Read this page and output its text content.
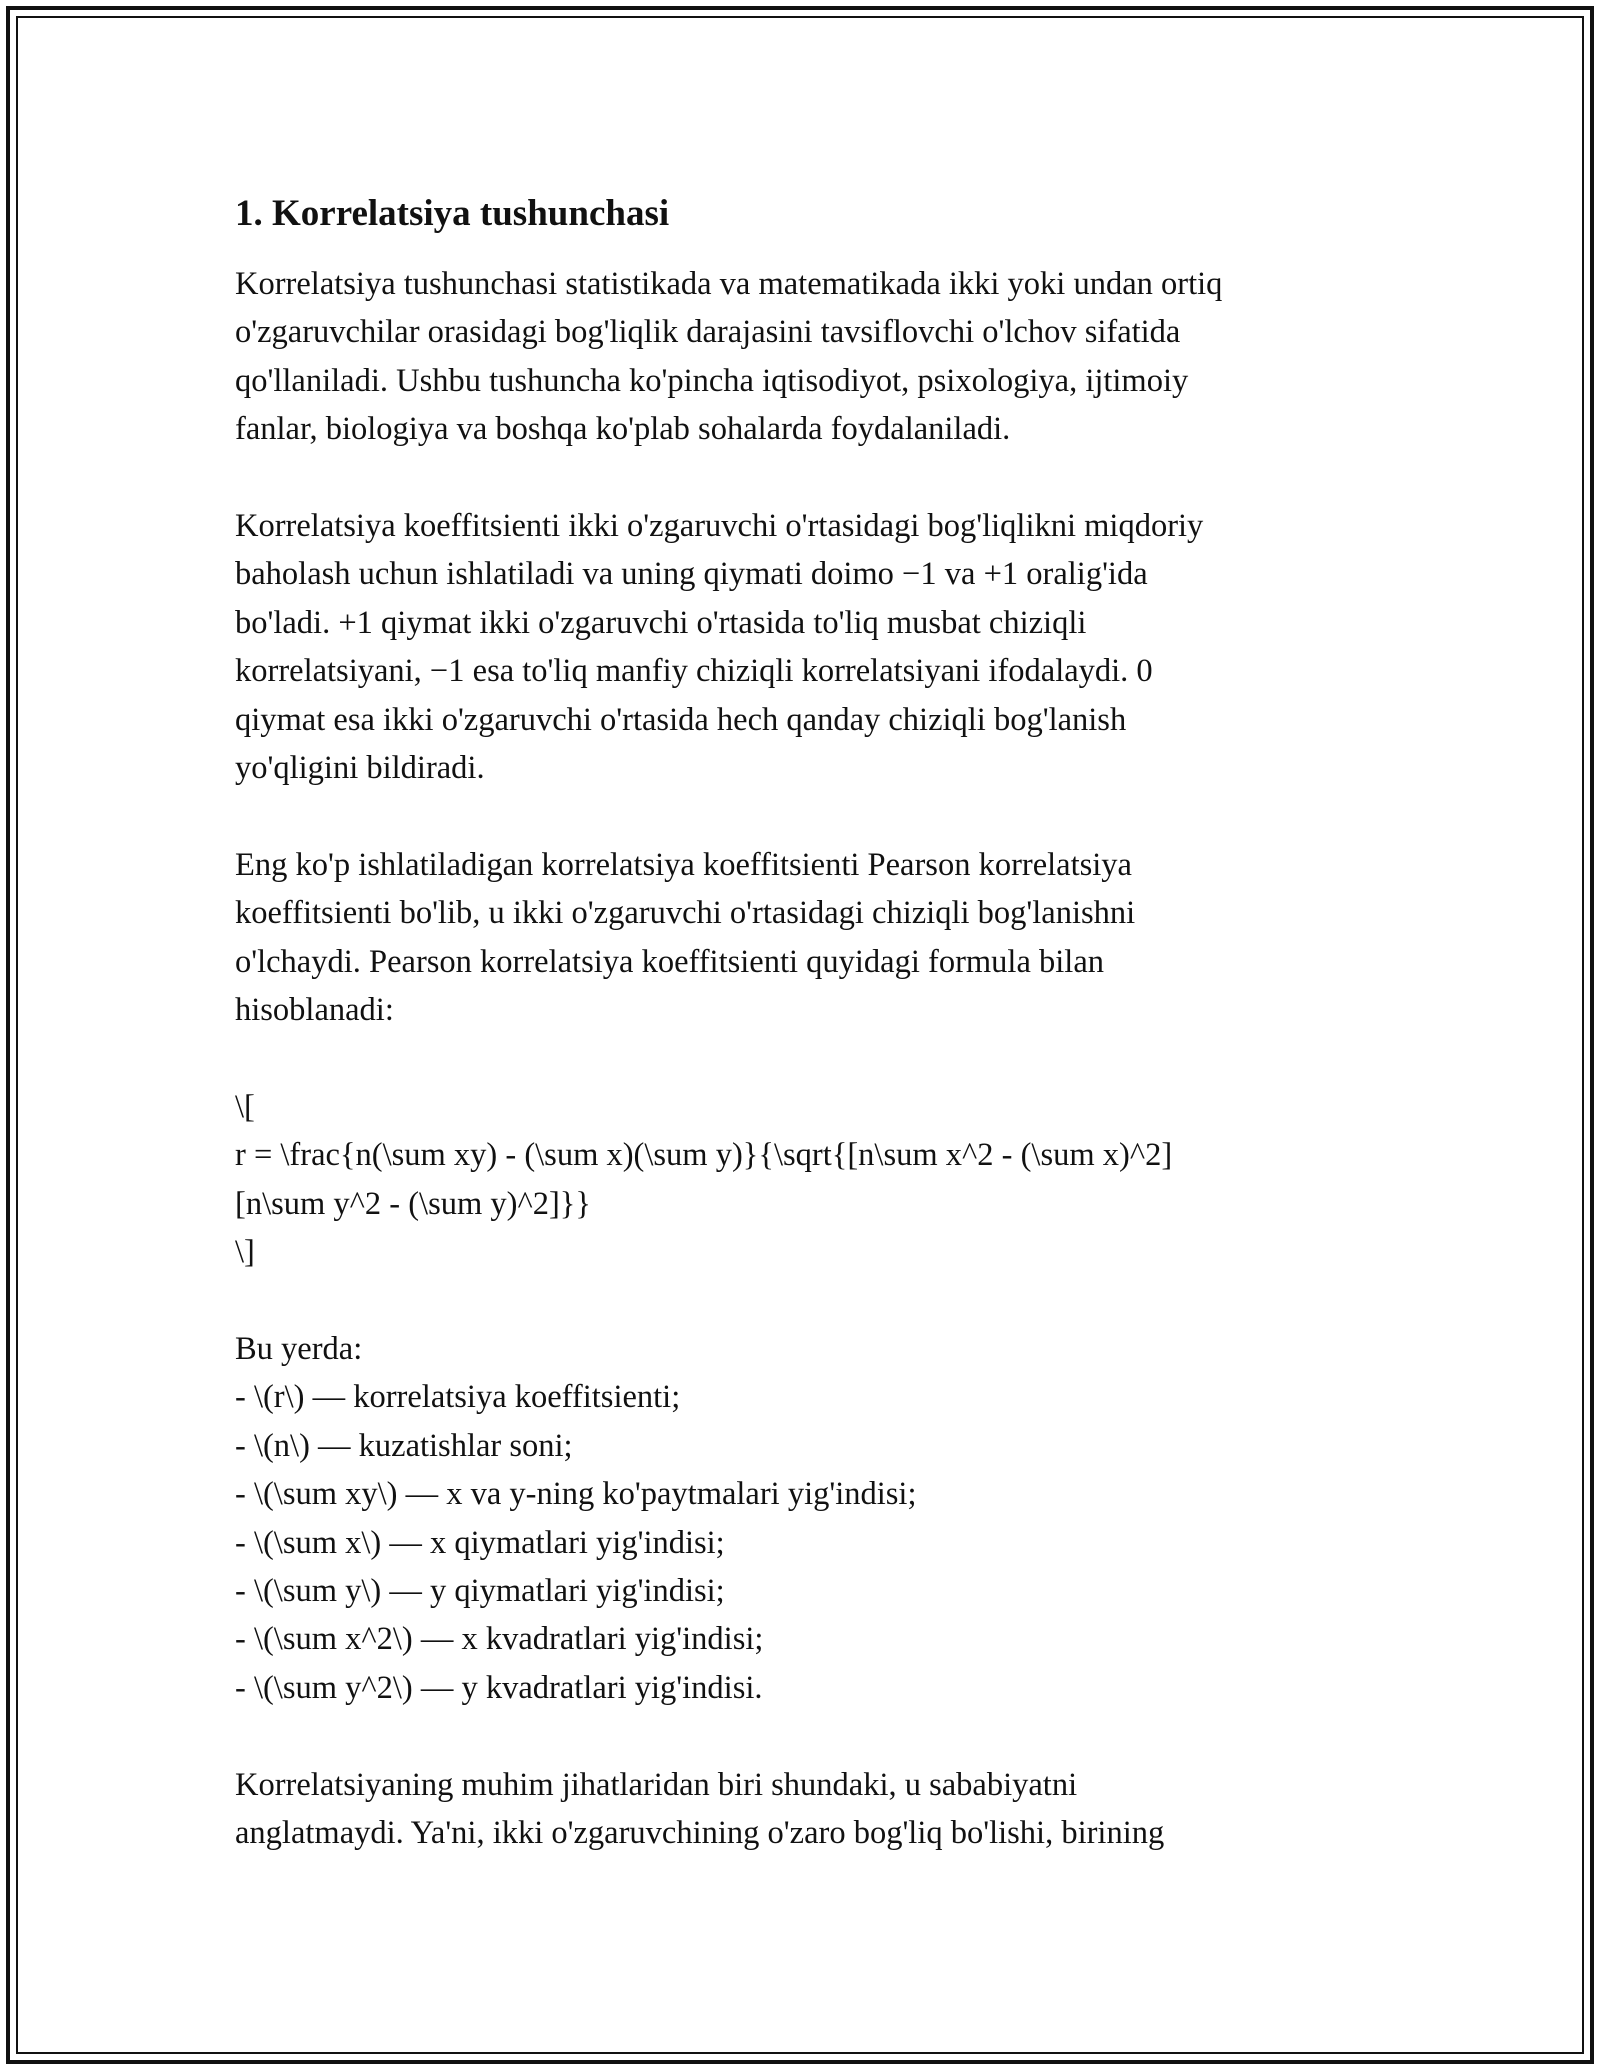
1. Korrelatsiya tushunchasi

Korrelatsiya tushunchasi statistikada va matematikada ikki yoki undan ortiq
o'zgaruvchilar orasidagi bog'liqlik darajasini tavsiflovchi o'lchov sifatida
qo'llaniladi. Ushbu tushuncha ko'pincha iqtisodiyot, psixologiya, ijtimoiy
fanlar, biologiya va boshqa ko'plab sohalarda foydalaniladi.

Korrelatsiya koeffitsienti ikki o'zgaruvchi o'rtasidagi bog'liqlikni miqdoriy
baholash uchun ishlatiladi va uning qiymati doimo −1 va +1 oralig'ida
bo'ladi. +1 qiymat ikki o'zgaruvchi o'rtasida to'liq musbat chiziqli
korrelatsiyani, −1 esa to'liq manfiy chiziqli korrelatsiyani ifodalaydi. 0
qiymat esa ikki o'zgaruvchi o'rtasida hech qanday chiziqli bog'lanish
yo'qligini bildiradi.

Eng ko'p ishlatiladigan korrelatsiya koeffitsienti Pearson korrelatsiya
koeffitsienti bo'lib, u ikki o'zgaruvchi o'rtasidagi chiziqli bog'lanishni
o'lchaydi. Pearson korrelatsiya koeffitsienti quyidagi formula bilan
hisoblanadi:

\[
r = \frac{n(\sum xy) - (\sum x)(\sum y)}{\sqrt{[n\sum x^2 - (\sum x)^2]
[n\sum y^2 - (\sum y)^2]}}
\]
Bu yerda:
- \(r\) — korrelatsiya koeffitsienti;
- \(n\) — kuzatishlar soni;
- \(\sum xy\) — x va y-ning ko'paytmalari yig'indisi;
- \(\sum x\) — x qiymatlari yig'indisi;
- \(\sum y\) — y qiymatlari yig'indisi;
- \(\sum x^2\) — x kvadratlari yig'indisi;
- \(\sum y^2\) — y kvadratlari yig'indisi.

Korrelatsiyaning muhim jihatlaridan biri shundaki, u sababiyatni
anglatmaydi. Ya'ni, ikki o'zgaruvchining o'zaro bog'liq bo'lishi, birining
